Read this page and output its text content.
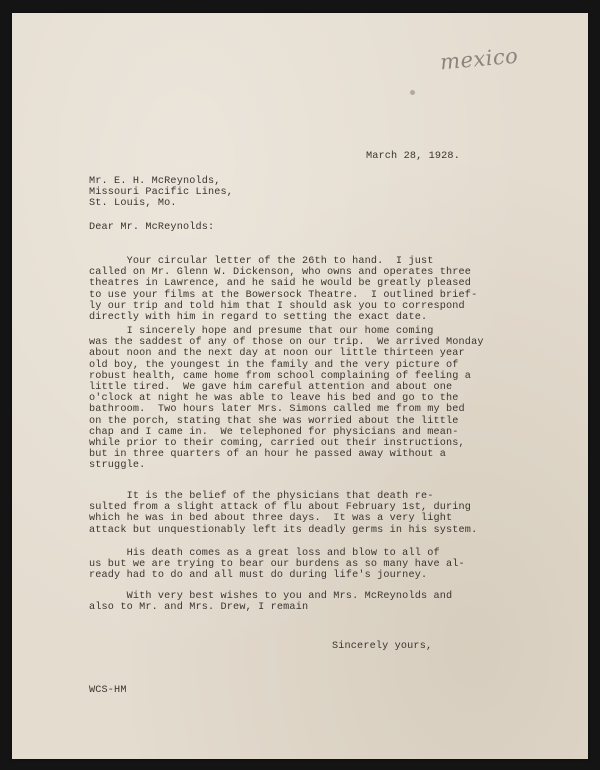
mexico
March 28, 1928.
Mr. E. H. McReynolds,
Missouri Pacific Lines,
St. Louis, Mo.
Dear Mr. McReynolds:
Your circular letter of the 26th to hand.  I just
called on Mr. Glenn W. Dickenson, who owns and operates three
theatres in Lawrence, and he said he would be greatly pleased
to use your films at the Bowersock Theatre.  I outlined brief-
ly our trip and told him that I should ask you to correspond
directly with him in regard to setting the exact date.
I sincerely hope and presume that our home coming
was the saddest of any of those on our trip.  We arrived Monday
about noon and the next day at noon our little thirteen year
old boy, the youngest in the family and the very picture of
robust health, came home from school complaining of feeling a
little tired.  We gave him careful attention and about one
o'clock at night he was able to leave his bed and go to the
bathroom.  Two hours later Mrs. Simons called me from my bed
on the porch, stating that she was worried about the little
chap and I came in.  We telephoned for physicians and mean-
while prior to their coming, carried out their instructions,
but in three quarters of an hour he passed away without a
struggle.
It is the belief of the physicians that death re-
sulted from a slight attack of flu about February 1st, during
which he was in bed about three days.  It was a very light
attack but unquestionably left its deadly germs in his system.
His death comes as a great loss and blow to all of
us but we are trying to bear our burdens as so many have al-
ready had to do and all must do during life's journey.
With very best wishes to you and Mrs. McReynolds and
also to Mr. and Mrs. Drew, I remain
Sincerely yours,
WCS-HM
